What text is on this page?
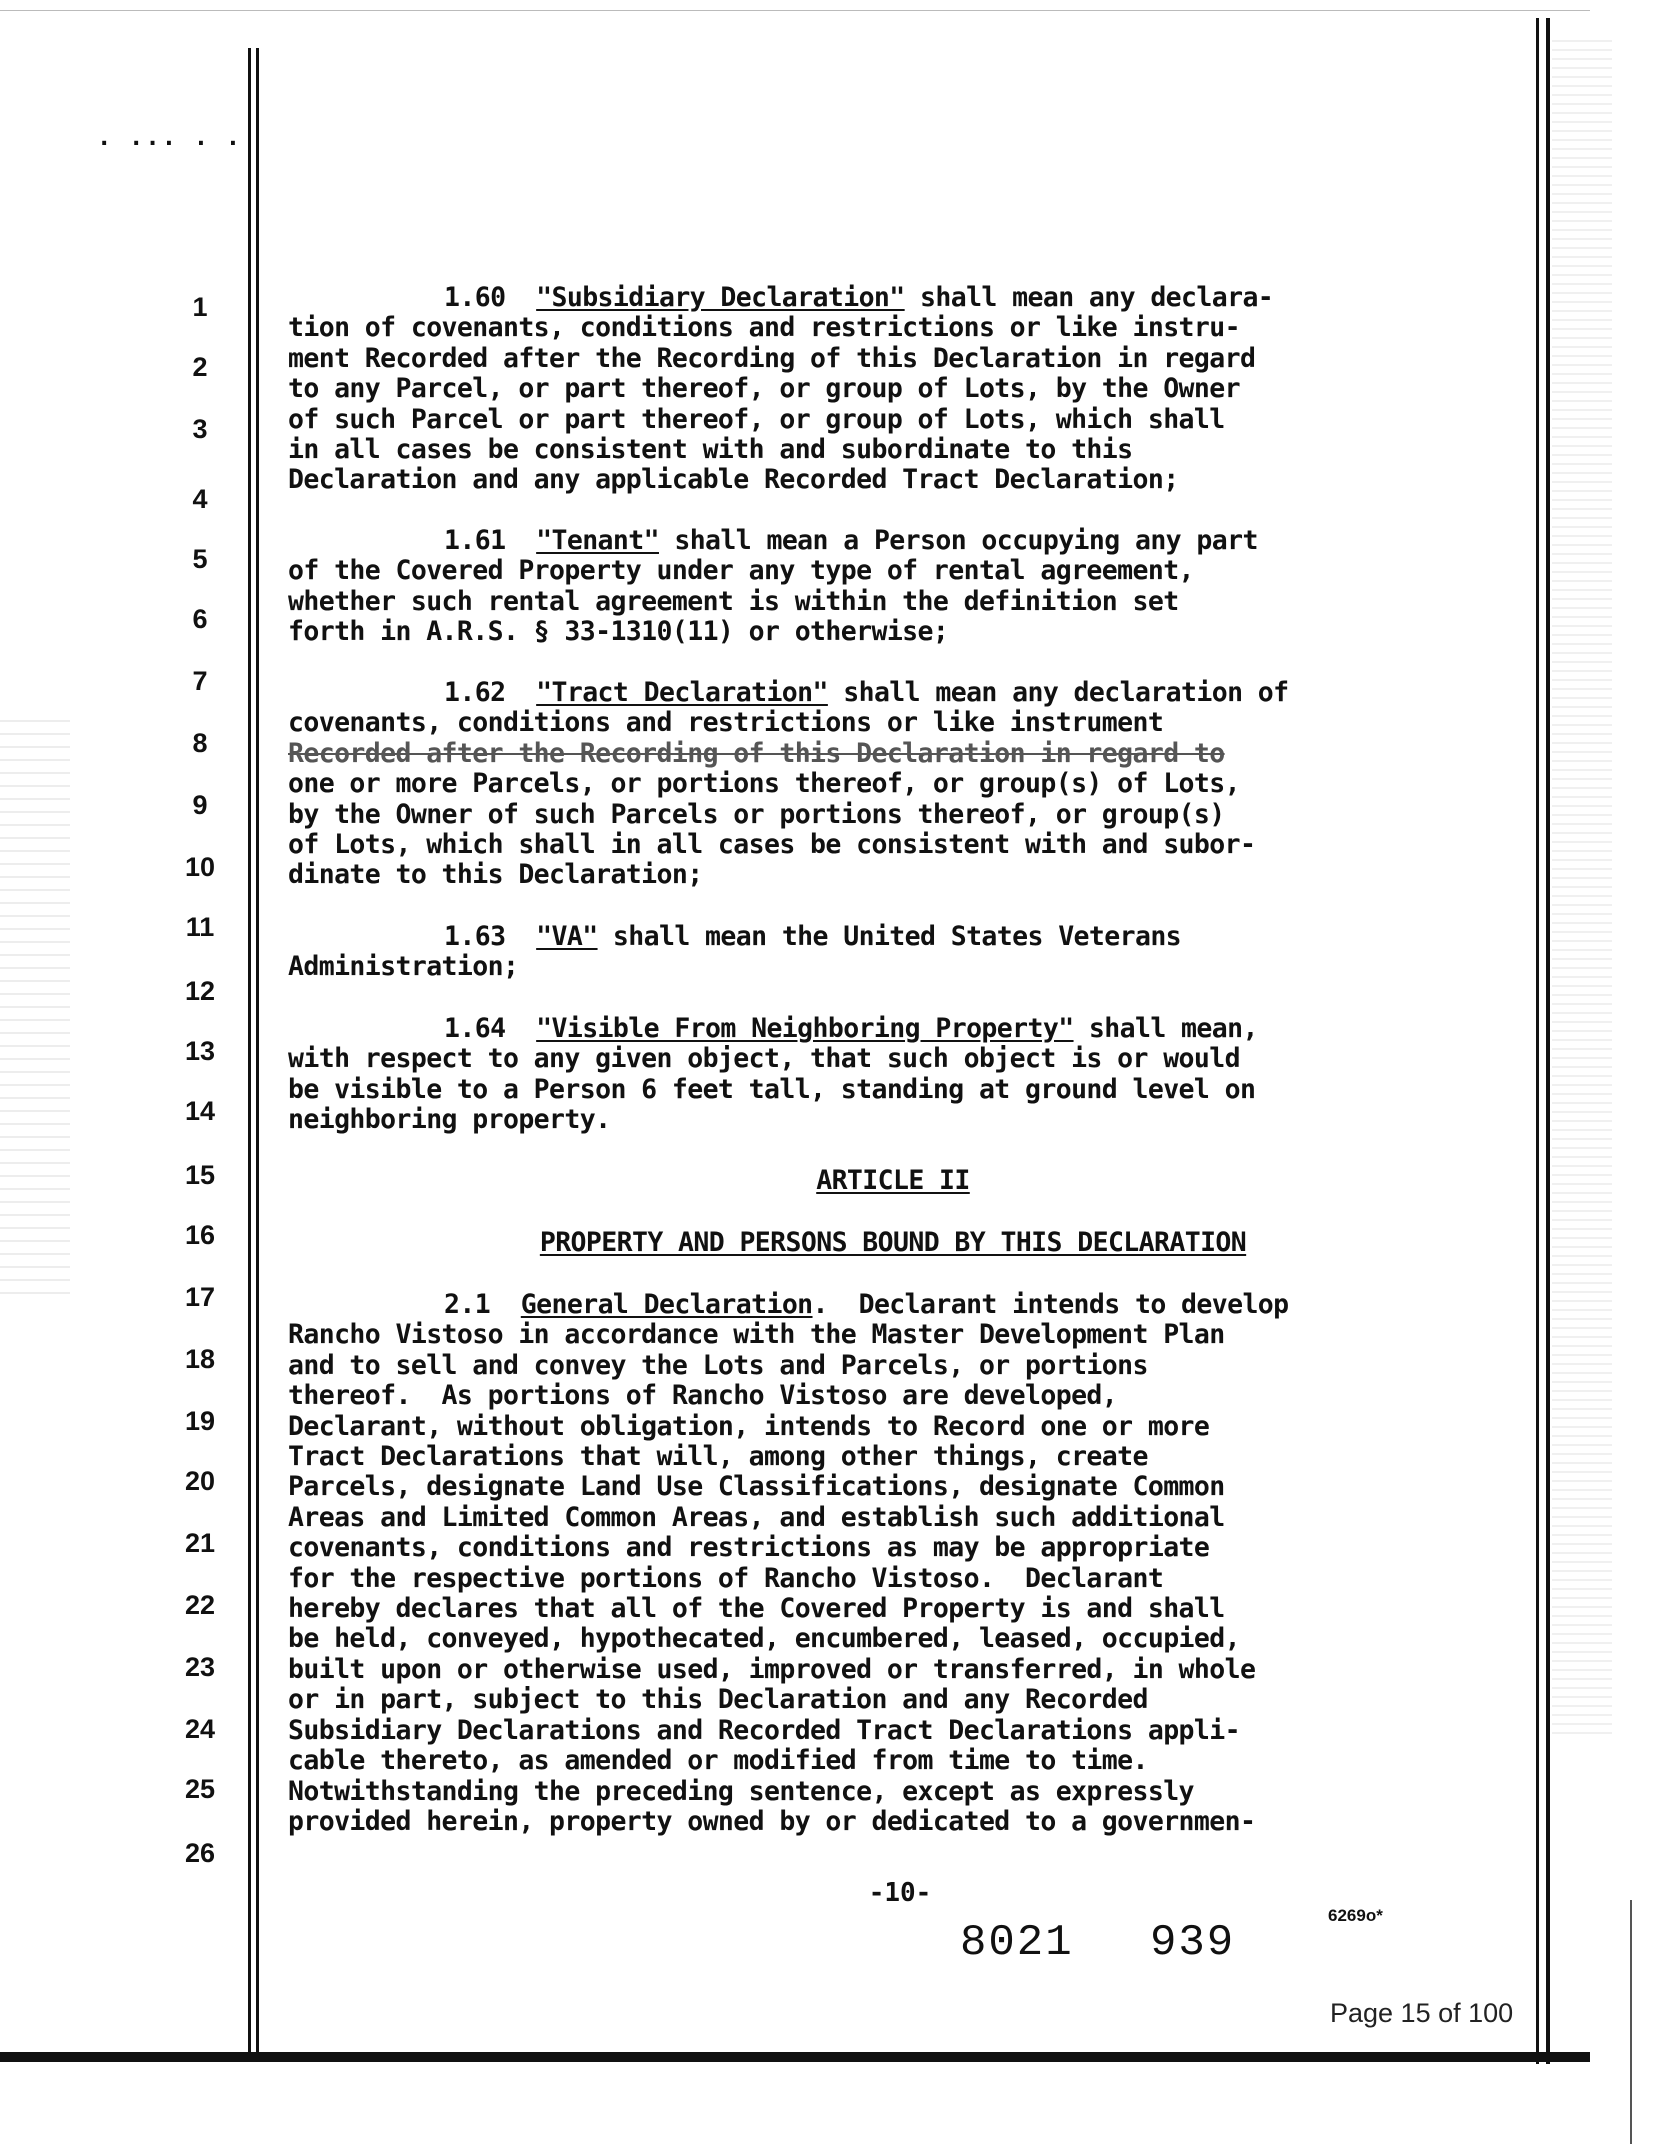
. ... . .
1
2
3
4
5
6
7
8
9
10
11
12
13
14
15
16
17
18
19
20
21
22
23
24
25
26
1.60 "Subsidiary Declaration" shall mean any declara-
tion of covenants, conditions and restrictions or like instru-
ment Recorded after the Recording of this Declaration in regard
to any Parcel, or part thereof, or group of Lots, by the Owner
of such Parcel or part thereof, or group of Lots, which shall
in all cases be consistent with and subordinate to this
Declaration and any applicable Recorded Tract Declaration;
1.61 "Tenant" shall mean a Person occupying any part
of the Covered Property under any type of rental agreement,
whether such rental agreement is within the definition set
forth in A.R.S. § 33-1310(11) or otherwise;
1.62 "Tract Declaration" shall mean any declaration of
covenants, conditions and restrictions or like instrument
Recorded after the Recording of this Declaration in regard to
one or more Parcels, or portions thereof, or group(s) of Lots,
by the Owner of such Parcels or portions thereof, or group(s)
of Lots, which shall in all cases be consistent with and subor-
dinate to this Declaration;
1.63 "VA" shall mean the United States Veterans
Administration;
1.64 "Visible From Neighboring Property" shall mean,
with respect to any given object, that such object is or would
be visible to a Person 6 feet tall, standing at ground level on
neighboring property.
ARTICLE II
PROPERTY AND PERSONS BOUND BY THIS DECLARATION
2.1 General Declaration.  Declarant intends to develop
Rancho Vistoso in accordance with the Master Development Plan
and to sell and convey the Lots and Parcels, or portions
thereof.  As portions of Rancho Vistoso are developed,
Declarant, without obligation, intends to Record one or more
Tract Declarations that will, among other things, create
Parcels, designate Land Use Classifications, designate Common
Areas and Limited Common Areas, and establish such additional
covenants, conditions and restrictions as may be appropriate
for the respective portions of Rancho Vistoso.  Declarant
hereby declares that all of the Covered Property is and shall
be held, conveyed, hypothecated, encumbered, leased, occupied,
built upon or otherwise used, improved or transferred, in whole
or in part, subject to this Declaration and any Recorded
Subsidiary Declarations and Recorded Tract Declarations appli-
cable thereto, as amended or modified from time to time.
Notwithstanding the preceding sentence, except as expressly
provided herein, property owned by or dedicated to a governmen-
-10-
8021 939
6269o*
Page 15 of 100
